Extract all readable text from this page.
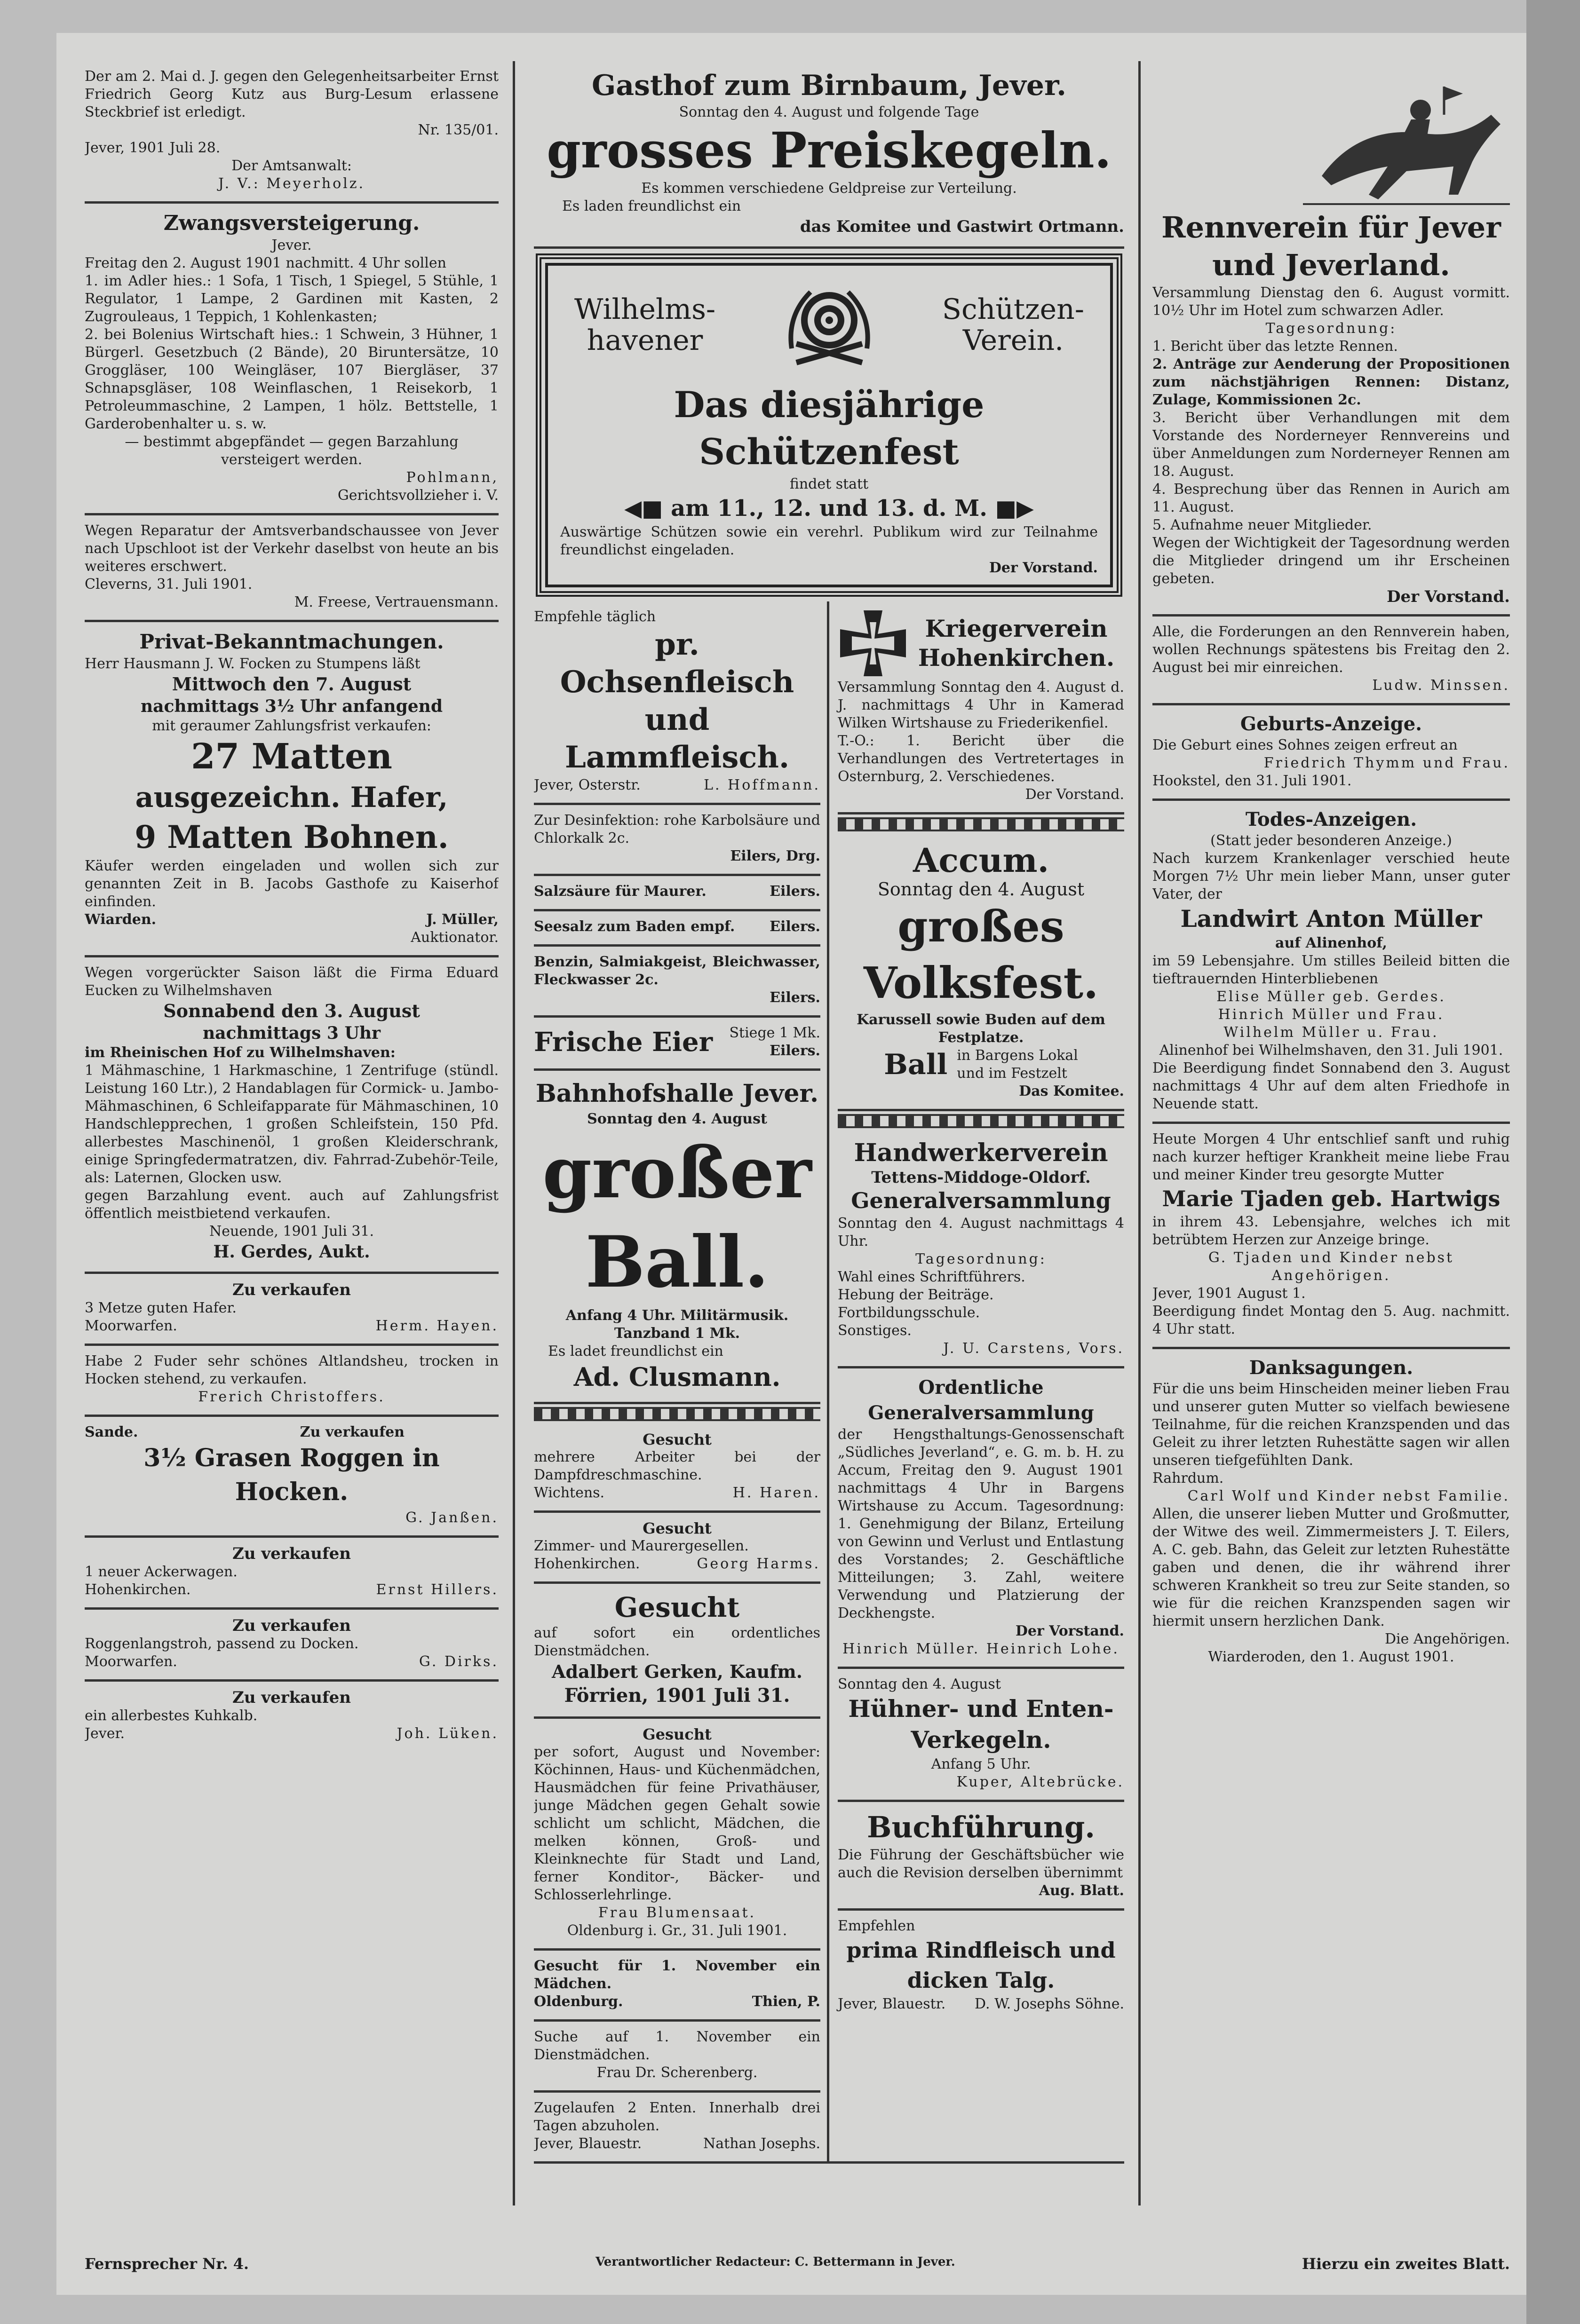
Der am 2. Mai d. J. gegen den Gelegenheitsarbeiter Ernst Friedrich Georg Kutz aus Burg-Lesum erlassene Steckbrief ist erledigt.

Nr. 135/01.

Jever, 1901 Juli 28.

Der Amtsanwalt:

J. V.: Meyerholz.

Zwangsversteigerung.

Jever.

Freitag den 2. August 1901 nachmitt. 4 Uhr sollen

1. im Adler hies.: 1 Sofa, 1 Tisch, 1 Spiegel, 5 Stühle, 1 Regulator, 1 Lampe, 2 Gardinen mit Kasten, 2 Zugrouleaus, 1 Teppich, 1 Kohlenkasten;

2. bei Bolenius Wirtschaft hies.: 1 Schwein, 3 Hühner, 1 Bürgerl. Gesetzbuch (2 Bände), 20 Biruntersätze, 10 Groggläser, 100 Weingläser, 107 Biergläser, 37 Schnapsgläser, 108 Weinflaschen, 1 Reisekorb, 1 Petroleummaschine, 2 Lampen, 1 hölz. Bettstelle, 1 Garderobenhalter u. s. w.

— bestimmt abgepfändet — gegen Barzahlung versteigert werden.

Pohlmann,

Gerichtsvollzieher i. V.

Wegen Reparatur der Amtsverbandschaussee von Jever nach Upschloot ist der Verkehr daselbst von heute an bis weiteres erschwert.

Cleverns, 31. Juli 1901.

M. Freese, Vertrauensmann.

Privat-Bekanntmachungen.

Herr Hausmann J. W. Focken zu Stumpens läßt

Mittwoch den 7. August

nachmittags 3½ Uhr anfangend

mit geraumer Zahlungsfrist verkaufen:

27 Matten

ausgezeichn. Hafer,

9 Matten Bohnen.

Käufer werden eingeladen und wollen sich zur genannten Zeit in B. Jacobs Gasthofe zu Kaiserhof einfinden.

Wiarden.	J. Müller,

Auktionator.

Wegen vorgerückter Saison läßt die Firma Eduard Eucken zu Wilhelmshaven

Sonnabend den 3. August

nachmittags 3 Uhr

im Rheinischen Hof zu Wilhelmshaven:

1 Mähmaschine, 1 Harkmaschine, 1 Zentrifuge (stündl. Leistung 160 Ltr.), 2 Handablagen für Cormick- u. Jambo-Mähmaschinen, 6 Schleifapparate für Mähmaschinen, 10 Handschlepprechen, 1 großen Schleifstein, 150 Pfd. allerbestes Maschinenöl, 1 großen Kleiderschrank, einige Springfedermatratzen, div. Fahrrad-Zubehör-Teile, als: Laternen, Glocken usw.

gegen Barzahlung event. auch auf Zahlungsfrist öffentlich meistbietend verkaufen.

Neuende, 1901 Juli 31.

H. Gerdes, Aukt.

Zu verkaufen

3 Metze guten Hafer.

Moorwarfen.	Herm. Hayen.

Habe 2 Fuder sehr schönes Altlandsheu, trocken in Hocken stehend, zu verkaufen.

Frerich Christoffers.

Sande.	Zu verkaufen

3½ Grasen Roggen in Hocken.

G. Janßen.

Zu verkaufen

1 neuer Ackerwagen.

Hohenkirchen.	Ernst Hillers.

Zu verkaufen

Roggenlangstroh, passend zu Docken.

Moorwarfen.	G. Dirks.

Zu verkaufen

ein allerbestes Kuhkalb.

Jever.	Joh. Lüken.

Gasthof zum Birnbaum, Jever.

Sonntag den 4. August und folgende Tage

grosses Preiskegeln.

Es kommen verschiedene Geldpreise zur Verteilung.

Es laden freundlichst ein

das Komitee und Gastwirt Ortmann.

Wilhelms-
havener

Schützen-
Verein.

Das diesjährige Schützenfest

findet statt

◀■ am 11., 12. und 13. d. M. ■▶

Auswärtige Schützen sowie ein verehrl. Publikum wird zur Teilnahme freundlichst eingeladen.

Der Vorstand.

Empfehle täglich

pr. Ochsenfleisch und Lammfleisch.

Jever, Osterstr.	L. Hoffmann.

Zur Desinfektion: rohe Karbolsäure und Chlorkalk 2c.

Eilers, Drg.

Salzsäure für Maurer.	Eilers.
Seesalz zum Baden empf. Eilers.

Benzin, Salmiakgeist, Bleichwasser, Fleckwasser 2c.

Eilers.

Frische Eier Stiege 1 Mk.
Eilers.

Bahnhofshalle Jever.

Sonntag den 4. August

großer Ball.

Anfang 4 Uhr. Militärmusik.

Tanzband 1 Mk.

Es ladet freundlichst ein

Ad. Clusmann.

Gesucht

mehrere Arbeiter bei der Dampfdreschmaschine.

Wichtens.	H. Haren.

Gesucht

Zimmer- und Maurergesellen.

Hohenkirchen.	Georg Harms.

Gesucht

auf sofort ein ordentliches Dienstmädchen.

Adalbert Gerken, Kaufm.

Förrien, 1901 Juli 31.

Gesucht

per sofort, August und November: Köchinnen, Haus- und Küchenmädchen, Hausmädchen für feine Privathäuser, junge Mädchen gegen Gehalt sowie schlicht um schlicht, Mädchen, die melken können, Groß- und Kleinknechte für Stadt und Land, ferner Konditor-, Bäcker- und Schlosserlehrlinge.

Frau Blumensaat.

Oldenburg i. Gr., 31. Juli 1901.

Gesucht für 1. November ein Mädchen.

Oldenburg.	Thien, P.

Suche auf 1. November ein Dienstmädchen.

Frau Dr. Scherenberg.

Zugelaufen 2 Enten. Innerhalb drei Tagen abzuholen.

Jever, Blauestr.	Nathan Josephs.

Kriegerverein Hohenkirchen.

Versammlung Sonntag den 4. August d. J. nachmittags 4 Uhr in Kamerad Wilken Wirtshause zu Friederikenfiel.

T.-O.: 1. Bericht über die Verhandlungen des Vertretertages in Osternburg, 2. Verschiedenes.

Der Vorstand.

Accum.

Sonntag den 4. August

großes Volksfest.

Karussell sowie Buden auf dem Festplatze.

Ball in Bargens Lokal
und im Festzelt

Das Komitee.

Handwerkerverein

Tettens-Middoge-Oldorf.

Generalversammlung

Sonntag den 4. August nachmittags 4 Uhr.

Tagesordnung:

Wahl eines Schriftführers.

Hebung der Beiträge.

Fortbildungsschule.

Sonstiges.

J. U. Carstens, Vors.

Ordentliche Generalversammlung

der Hengsthaltungs-Genossenschaft „Südliches Jeverland“, e. G. m. b. H. zu Accum, Freitag den 9. August 1901 nachmittags 4 Uhr in Bargens Wirtshause zu Accum. Tagesordnung: 1. Genehmigung der Bilanz, Erteilung von Gewinn und Verlust und Entlastung des Vorstandes; 2. Geschäftliche Mitteilungen; 3. Zahl, weitere Verwendung und Platzierung der Deckhengste.

Der Vorstand.

Hinrich Müller. Heinrich Lohe.

Sonntag den 4. August

Hühner- und Enten-Verkegeln.

Anfang 5 Uhr.

Kuper, Altebrücke.

Buchführung.

Die Führung der Geschäftsbücher wie auch die Revision derselben übernimmt

Aug. Blatt.

Empfehlen

prima Rindfleisch und dicken Talg.

Jever, Blauestr. D. W. Josephs Söhne.

Rennverein für Jever und Jeverland.

Versammlung Dienstag den 6. August vormitt. 10½ Uhr im Hotel zum schwarzen Adler.

Tagesordnung:

1. Bericht über das letzte Rennen.

2. Anträge zur Aenderung der Propositionen zum nächstjährigen Rennen: Distanz, Zulage, Kommissionen 2c.

3. Bericht über Verhandlungen mit dem Vorstande des Norderneyer Rennvereins und über Anmeldungen zum Norderneyer Rennen am 18. August.

4. Besprechung über das Rennen in Aurich am 11. August.

5. Aufnahme neuer Mitglieder.

Wegen der Wichtigkeit der Tagesordnung werden die Mitglieder dringend um ihr Erscheinen gebeten.

Der Vorstand.

Alle, die Forderungen an den Rennverein haben, wollen Rechnungs spätestens bis Freitag den 2. August bei mir einreichen.

Ludw. Minssen.

Geburts-Anzeige.

Die Geburt eines Sohnes zeigen erfreut an

Friedrich Thymm und Frau.

Hookstel, den 31. Juli 1901.

Todes-Anzeigen.

(Statt jeder besonderen Anzeige.)

Nach kurzem Krankenlager verschied heute Morgen 7½ Uhr mein lieber Mann, unser guter Vater, der

Landwirt Anton Müller

auf Alinenhof,

im 59 Lebensjahre. Um stilles Beileid bitten die tieftrauernden Hinterbliebenen

Elise Müller geb. Gerdes.

Hinrich Müller und Frau.

Wilhelm Müller u. Frau.

Alinenhof bei Wilhelmshaven, den 31. Juli 1901.

Die Beerdigung findet Sonnabend den 3. August nachmittags 4 Uhr auf dem alten Friedhofe in Neuende statt.

Heute Morgen 4 Uhr entschlief sanft und ruhig nach kurzer heftiger Krankheit meine liebe Frau und meiner Kinder treu gesorgte Mutter

Marie Tjaden geb. Hartwigs

in ihrem 43. Lebensjahre, welches ich mit betrübtem Herzen zur Anzeige bringe.

G. Tjaden und Kinder nebst Angehörigen.

Jever, 1901 August 1.

Beerdigung findet Montag den 5. Aug. nachmitt. 4 Uhr statt.

Danksagungen.

Für die uns beim Hinscheiden meiner lieben Frau und unserer guten Mutter so vielfach bewiesene Teilnahme, für die reichen Kranzspenden und das Geleit zu ihrer letzten Ruhestätte sagen wir allen unseren tiefgefühlten Dank.

Rahrdum.

Carl Wolf und Kinder nebst Familie.

Allen, die unserer lieben Mutter und Großmutter, der Witwe des weil. Zimmermeisters J. T. Eilers, A. C. geb. Bahn, das Geleit zur letzten Ruhestätte gaben und denen, die ihr während ihrer schweren Krankheit so treu zur Seite standen, so wie für die reichen Kranzspenden sagen wir hiermit unsern herzlichen Dank.

Die Angehörigen.

Wiarderoden, den 1. August 1901.

Fernsprecher Nr. 4.	Verantwortlicher Redacteur: C. Bettermann in Jever.	Hierzu ein zweites Blatt.
